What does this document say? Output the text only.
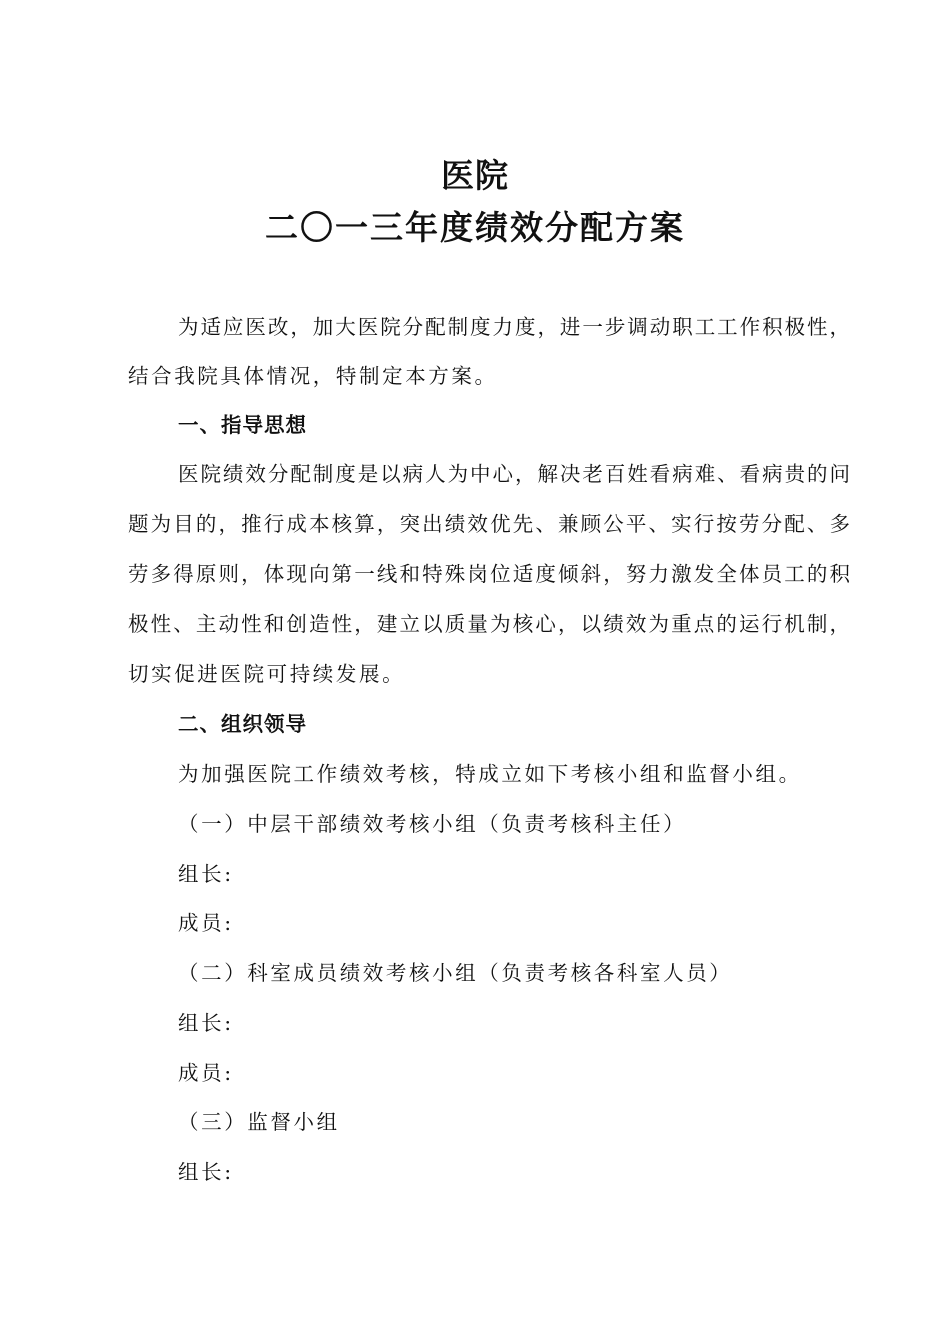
医院
二〇一三年度绩效分配方案
为适应医改，加大医院分配制度力度，进一步调动职工工作积极性，
结合我院具体情况，特制定本方案。
一、指导思想
医院绩效分配制度是以病人为中心，解决老百姓看病难、看病贵的问
题为目的，推行成本核算，突出绩效优先、兼顾公平、实行按劳分配、多
劳多得原则，体现向第一线和特殊岗位适度倾斜，努力激发全体员工的积
极性、主动性和创造性，建立以质量为核心，以绩效为重点的运行机制，
切实促进医院可持续发展。
二、组织领导
为加强医院工作绩效考核，特成立如下考核小组和监督小组。
（一）中层干部绩效考核小组（负责考核科主任）
组长:
成员:
（二）科室成员绩效考核小组（负责考核各科室人员）
组长:
成员:
（三）监督小组
组长:
